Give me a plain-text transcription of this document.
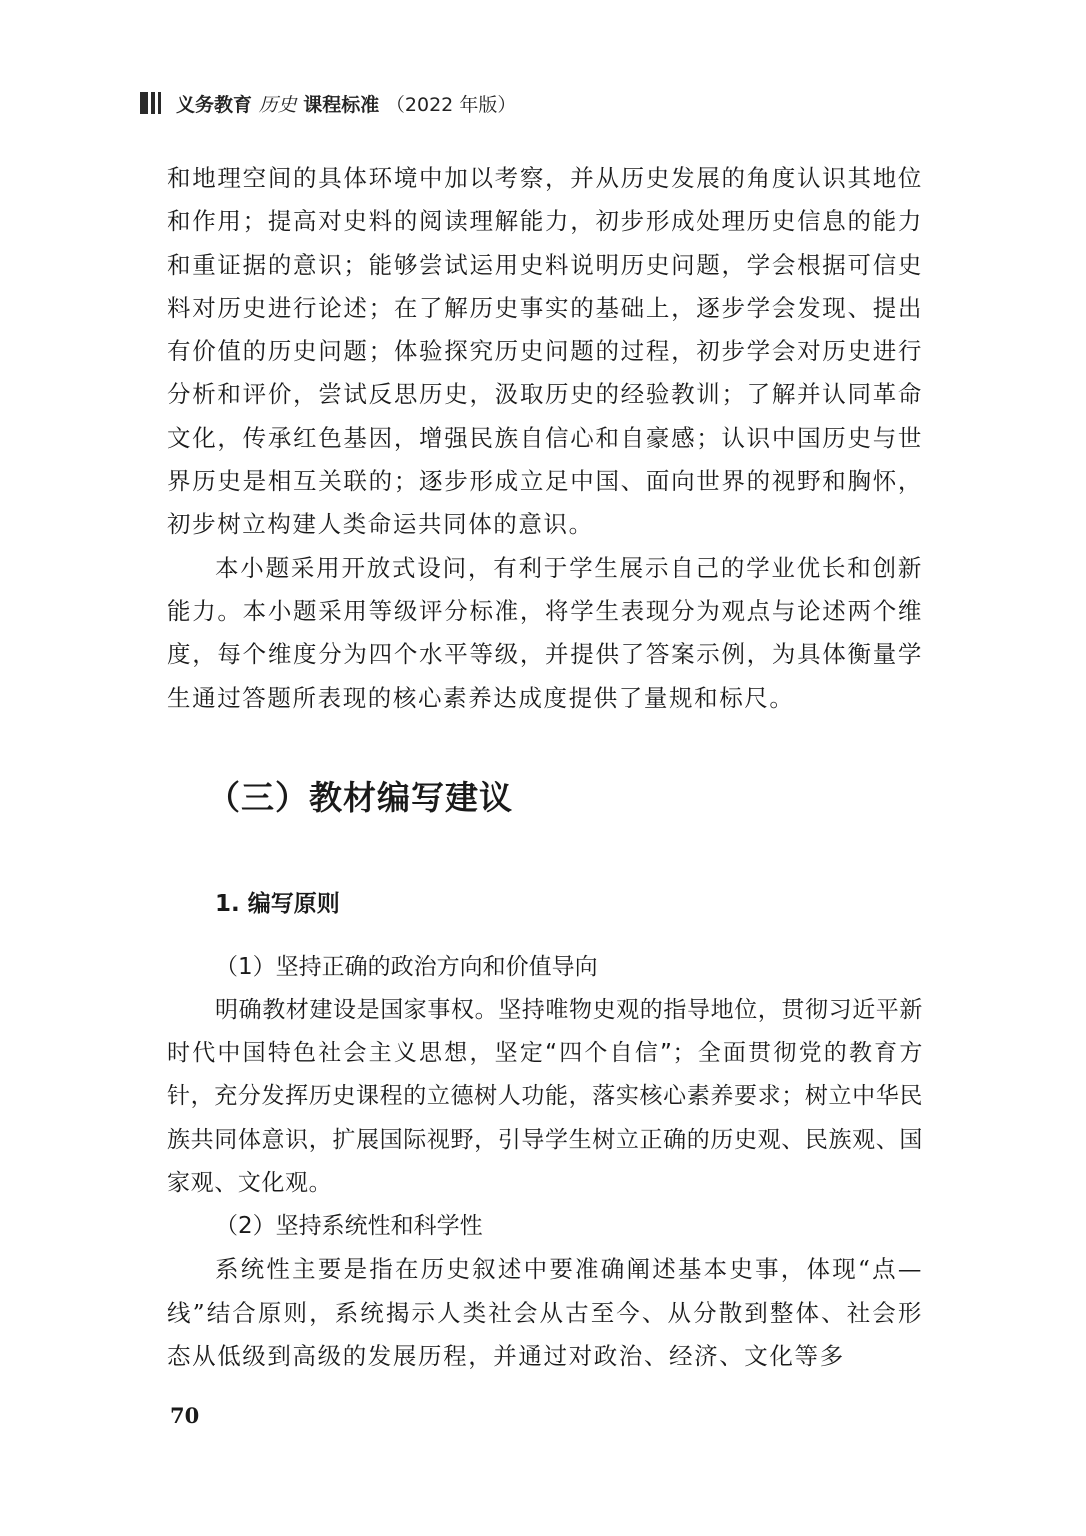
义务教育 历史 课程标准 （2022 年版）

和地理空间的具体环境中加以考察，并从历史发展的角度认识其地位和作用；提高对史料的阅读理解能力，初步形成处理历史信息的能力和重证据的意识；能够尝试运用史料说明历史问题，学会根据可信史料对历史进行论述；在了解历史事实的基础上，逐步学会发现、提出有价值的历史问题；体验探究历史问题的过程，初步学会对历史进行分析和评价，尝试反思历史，汲取历史的经验教训；了解并认同革命文化，传承红色基因，增强民族自信心和自豪感；认识中国历史与世界历史是相互关联的；逐步形成立足中国、面向世界的视野和胸怀，初步树立构建人类命运共同体的意识。

本小题采用开放式设问，有利于学生展示自己的学业优长和创新能力。本小题采用等级评分标准，将学生表现分为观点与论述两个维度，每个维度分为四个水平等级，并提供了答案示例，为具体衡量学生通过答题所表现的核心素养达成度提供了量规和标尺。

（三）教材编写建议
1. 编写原则
（1）坚持正确的政治方向和价值导向

明确教材建设是国家事权。坚持唯物史观的指导地位，贯彻习近平新时代中国特色社会主义思想，坚定“四个自信”；全面贯彻党的教育方针，充分发挥历史课程的立德树人功能，落实核心素养要求；树立中华民族共同体意识，扩展国际视野，引导学生树立正确的历史观、民族观、国家观、文化观。

（2）坚持系统性和科学性

系统性主要是指在历史叙述中要准确阐述基本史事，体现“点—线”结合原则，系统揭示人类社会从古至今、从分散到整体、社会形态从低级到高级的发展历程，并通过对政治、经济、文化等多

70
